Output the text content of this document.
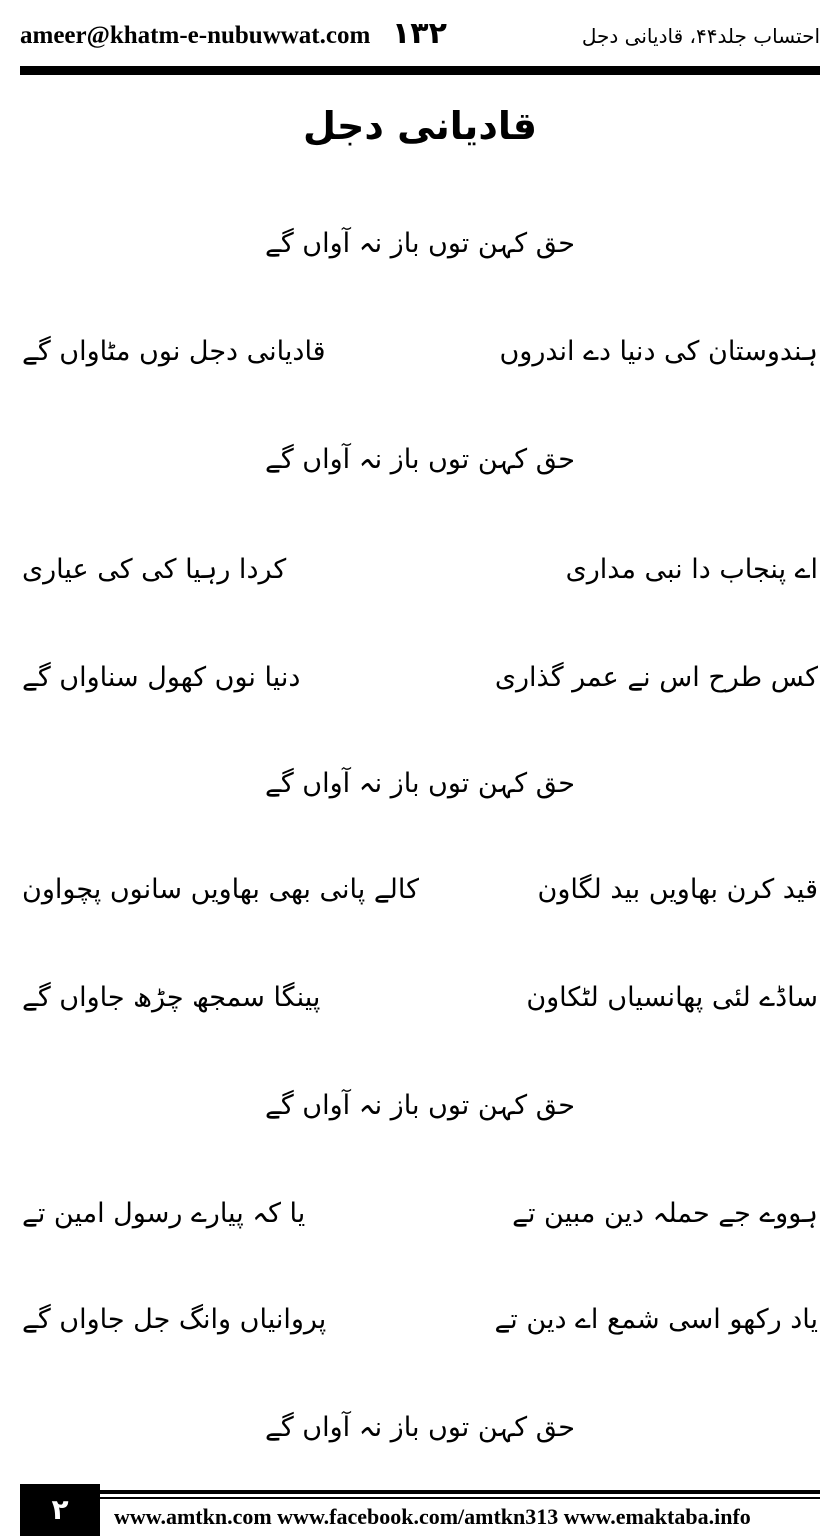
ameer@khatm-e-nubuwwat.com ۱۳۲	احتساب جلد۴۴، قادیانی دجل
قادیانی دجل
حق کہن توں باز نہ آواں گے
ہندوستان کی دنیا دے اندروں
قادیانی دجل نوں مٹاواں گے
حق کہن توں باز نہ آواں گے
اے پنجاب دا نبی مداری
کردا رہیا کی کی عیاری
کس طرح اس نے عمر گذاری
دنیا نوں کھول سناواں گے
حق کہن توں باز نہ آواں گے
قید کرن بھاویں بید لگاون
کالے پانی بھی بھاویں سانوں پچواون
ساڈے لئی پھانسیاں لٹکاون
پینگا سمجھ چڑھ جاواں گے
حق کہن توں باز نہ آواں گے
ہووے جے حملہ دین مبین تے
یا کہ پیارے رسول امین تے
یاد رکھو اسی شمع اے دین تے
پروانیاں وانگ جل جاواں گے
حق کہن توں باز نہ آواں گے
۲	www.amtkn.com www.facebook.com/amtkn313 www.emaktaba.info
